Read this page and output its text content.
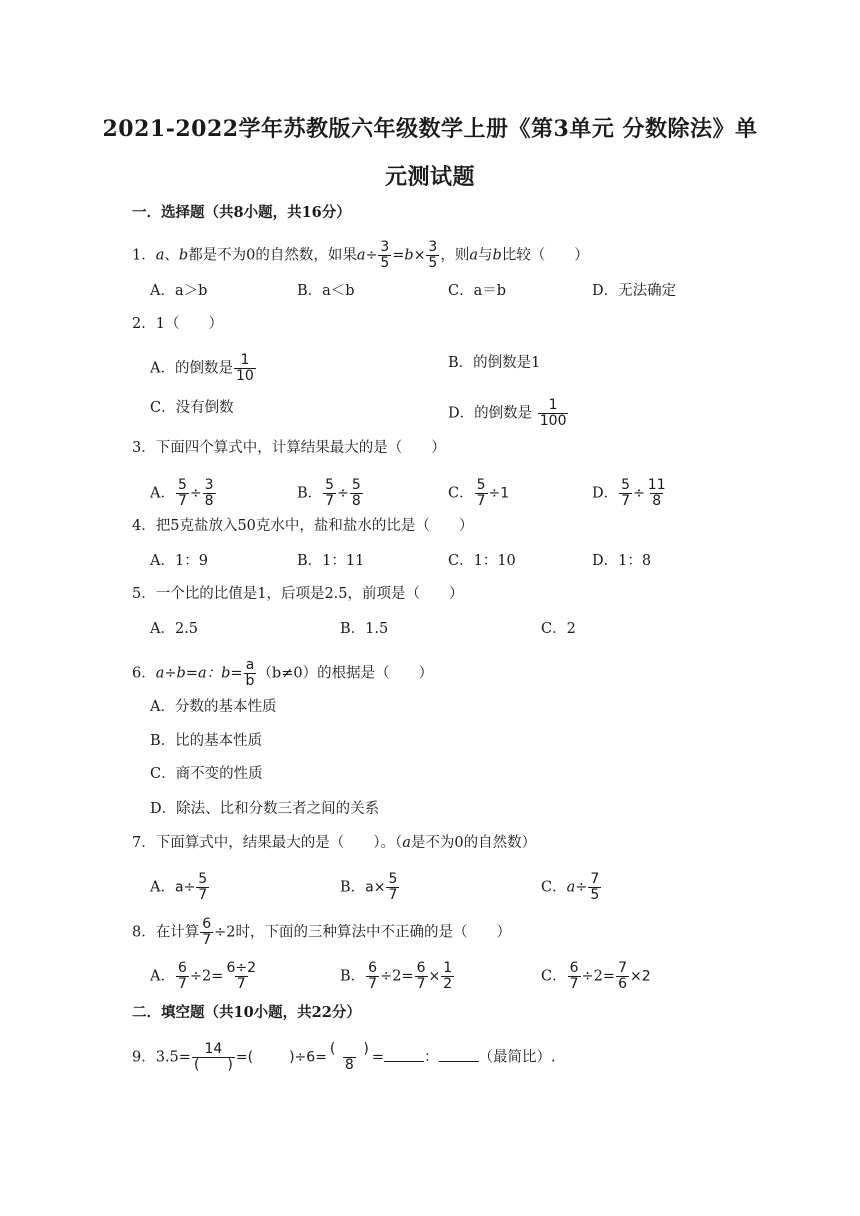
2021-2022学年苏教版六年级数学上册《第3单元 分数除法》单
元测试题
一．选择题（共8小题，共16分）
1．a、b都是不为0的自然数，如果$a\div \frac{3}{5} =b\times \frac{3}{5}$ ，则a与b比较（　　）
A．a＞b	B．a＜b	C．a＝b	D．无法确定
2．1（　　）
A．的倒数是 $\frac{1}{10}$	B．的倒数是1
C．没有倒数	D．的倒数是 $\frac{1}{100}$
3．下面四个算式中，计算结果最大的是（　　）
A． $\frac{5}{7} \div \frac{3}{8}$	B． $\frac{5}{7} \div \frac{5}{8}$	C． $\frac{5}{7} \div 1$	D． $\frac{5}{7} \div \frac{11}{8}$
4．把5克盐放入50克水中，盐和盐水的比是（　　）
A．1：9	B．1：11	C．1：10	D．1：8
5．一个比的比值是1，后项是2.5，前项是（　　）
A．2.5	B．1.5	C．2
6．a÷b=a：$b= \frac{a}{b} (b\ne 0)$的根据是（　　）
A．分数的基本性质
B．比的基本性质
C．商不变的性质
D．除法、比和分数三者之间的关系
7．下面算式中，结果最大的是（　　）。（a是不为0的自然数）
A．$a\div \frac{5}{7}$	B．$a\times \frac{5}{7}$	C．$a\div \frac{7}{5}$
8．在计算 $\frac{6}{7} \div 2$时，下面的三种算法中不正确的是（　　）
A． $\frac{6}{7} \div 2= \frac{6\div 2}{7}$	B． $\frac{6}{7} \div 2= \frac{6}{7} \times \frac{1}{2}$	C． $\frac{6}{7} \div 2= \frac{7}{6} \times 2$
二．填空题（共10小题，共22分）
9．$3.5= \frac{14}{( )}$ =(	)$\div 6= \frac{( )}{8}$ =	：	（最简比）.
